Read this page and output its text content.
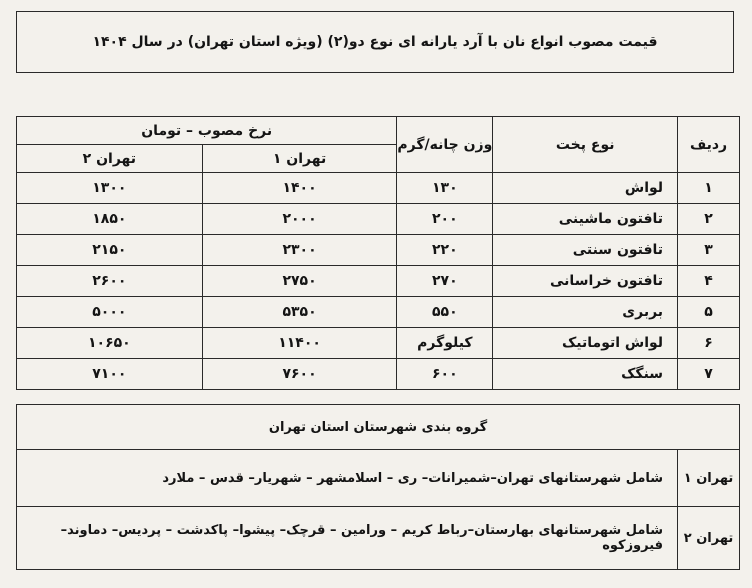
قیمت مصوب انواع نان با آرد یارانه ای نوع دو(۲) (ویژه استان تهران) در سال ۱۴۰۴
ردیف	نوع پخت	وزن چانه/گرم	نرخ مصوب – تومان	
			تهران ۱	تهران ۲
۱	لواش	۱۳۰	۱۴۰۰	۱۳۰۰
۲	تافتون ماشینی	۲۰۰	۲۰۰۰	۱۸۵۰
۳	تافتون سنتی	۲۲۰	۲۳۰۰	۲۱۵۰
۴	تافتون خراسانی	۲۷۰	۲۷۵۰	۲۶۰۰
۵	بربری	۵۵۰	۵۳۵۰	۵۰۰۰
۶	لواش اتوماتیک	کیلوگرم	۱۱۴۰۰	۱۰۶۵۰
۷	سنگک	۶۰۰	۷۶۰۰	۷۱۰۰
گروه بندی شهرستان استان تهران	
تهران ۱	شامل شهرستانهای تهران–شمیرانات– ری – اسلامشهر – شهریار– قدس – ملارد
تهران ۲	شامل شهرستانهای بهارستان–رباط کریم – ورامین – قرچک– پیشوا– پاکدشت – پردیس– دماوند– فیروزکوه
